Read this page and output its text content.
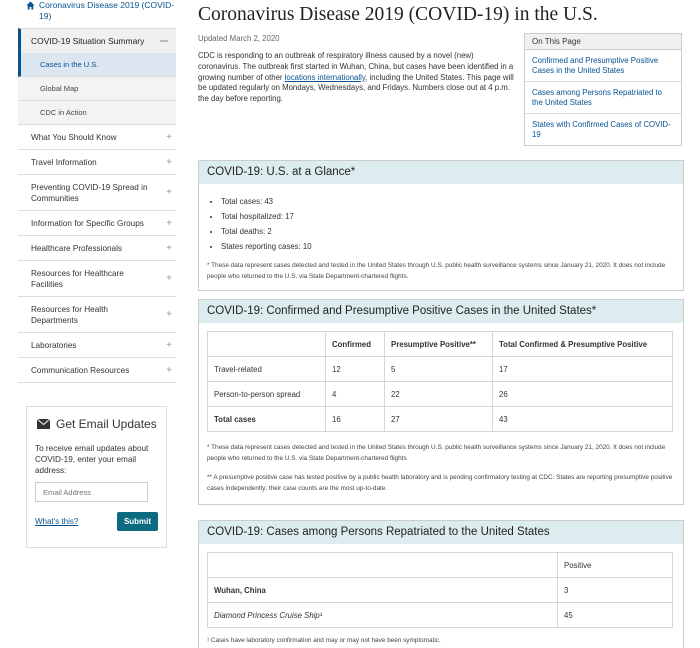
Coronavirus Disease 2019 (COVID-19)
COVID-19 Situation Summary
Cases in the U.S.
Global Map
CDC in Action
What You Should Know	+
Travel Information	+
Preventing COVID-19 Spread in Communities	+
Information for Specific Groups +
Healthcare Professionals	+
Resources for Healthcare Facilities	+
Resources for Health Departments	+
Laboratories	+
Communication Resources	+
Get Email Updates
To receive email updates about COVID-19, enter your email address:
Email Address
What's this?	Submit
Coronavirus Disease 2019 (COVID-19) in the U.S.
Updated March 2, 2020
CDC is responding to an outbreak of respiratory illness caused by a novel (new) coronavirus. The outbreak first started in Wuhan, China, but cases have been identified in a growing number of other locations internationally, including the United States. This page will be updated regularly on Mondays, Wednesdays, and Fridays. Numbers close out at 4 p.m. the day before reporting.
On This Page
Confirmed and Presumptive Positive Cases in the United States
Cases among Persons Repatriated to the United States
States with Confirmed Cases of COVID-19
COVID-19: U.S. at a Glance*
• Total cases: 43
• Total hospitalized: 17
• Total deaths: 2
• States reporting cases: 10
* These data represent cases detected and tested in the United States through U.S. public health surveillance systems since January 21, 2020. It does not include people who returned to the U.S. via State Department-chartered flights.
COVID-19: Confirmed and Presumptive Positive Cases in the United States*
	Confirmed	Presumptive Positive**	Total Confirmed & Presumptive Positive
Travel-related	12	5	17
Person-to-person spread	4	22	26
Total cases	16	27	43
* These data represent cases detected and tested in the United States through U.S. public health surveillance systems since January 21, 2020. It does not include people who returned to the U.S. via State Department-chartered flights
** A presumptive positive case has tested positive by a public health laboratory and is pending confirmatory testing at CDC. States are reporting presumptive positive cases independently; their case counts are the most up-to-date.
COVID-19: Cases among Persons Repatriated to the United States
	Positive
Wuhan, China	3
Diamond Princess Cruise Ship¹	45
¹ Cases have laboratory confirmation and may or may not have been symptomatic.
